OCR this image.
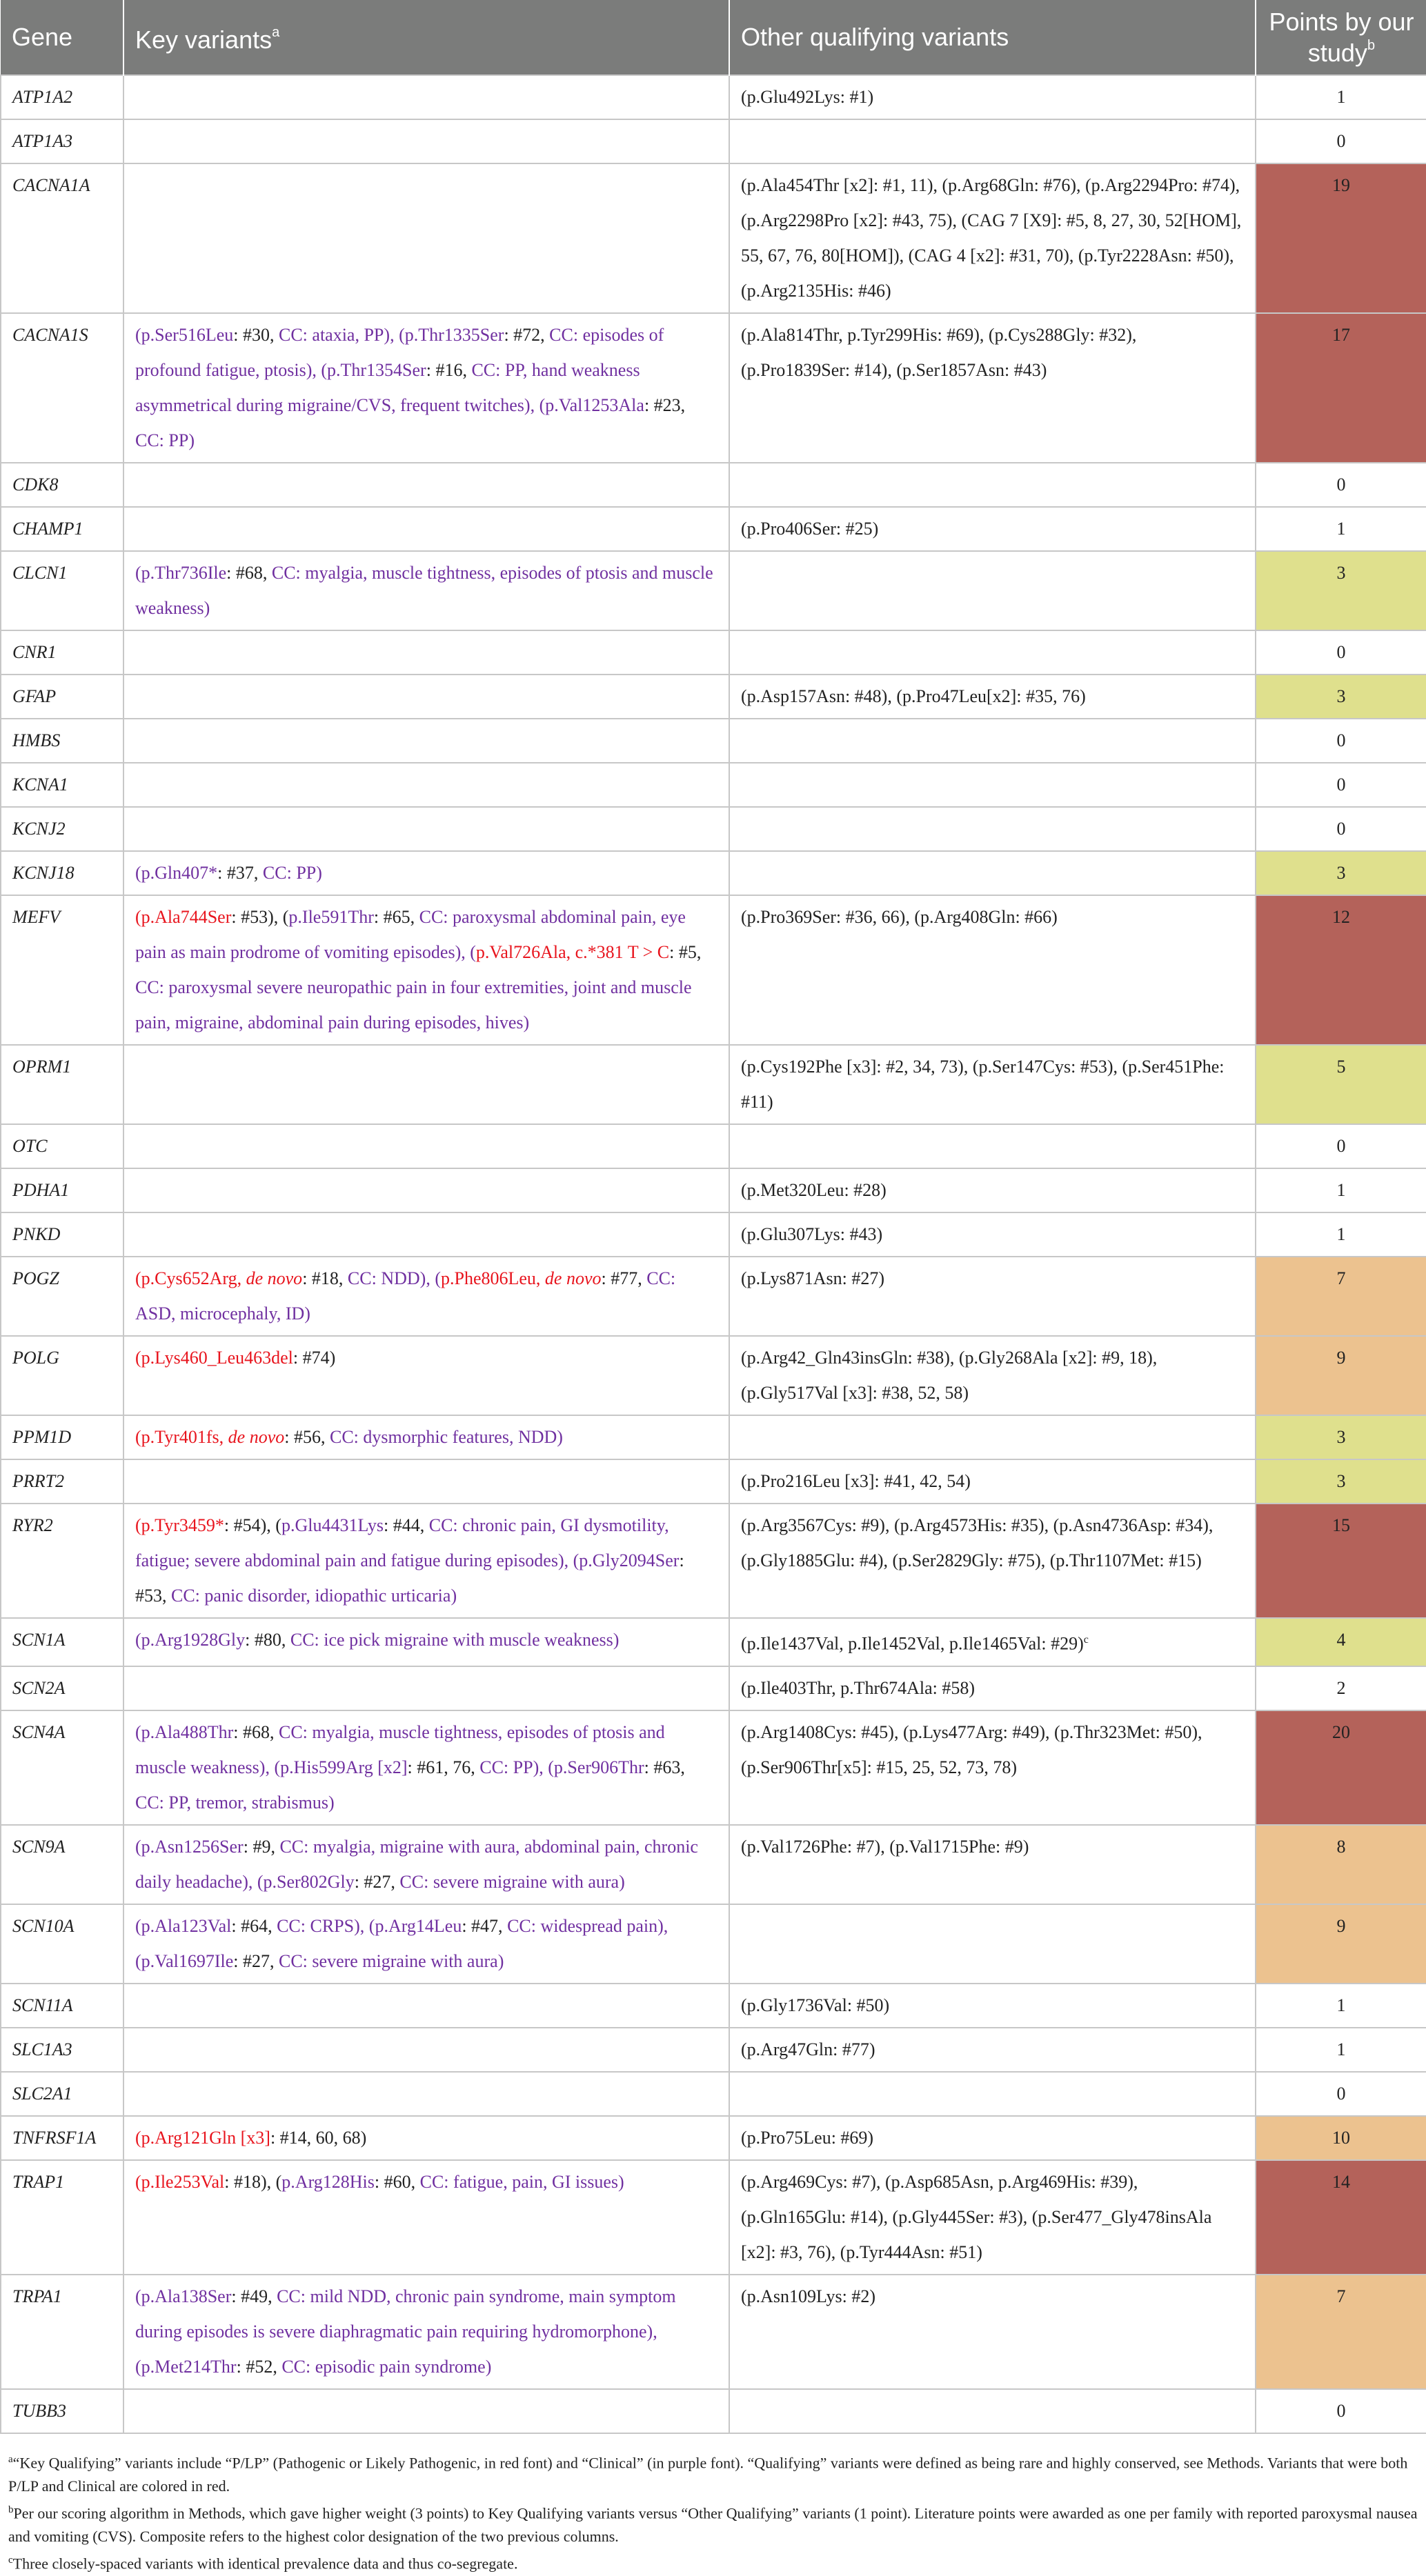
Gene	Key variants$^a$	Other qualifying variants	Points by our study$^b$
ATP1A2		(p.Glu492Lys: #1)	1
ATP1A3			0
CACNA1A		(p.Ala454Thr [x2]: #1, 11), (p.Arg68Gln: #76), (p.Arg2294Pro: #74), (p.Arg2298Pro [x2]: #43, 75), (CAG 7 [X9]: #5, 8, 27, 30, 52[HOM], 55, 67, 76, 80[HOM]), (CAG 4 [x2]: #31, 70), (p.Tyr2228Asn: #50), (p.Arg2135His: #46)	19
CACNA1S	(p.Ser516Leu: #30, CC: ataxia, PP), (p.Thr1335Ser: #72, CC: episodes of profound fatigue, ptosis), (p.Thr1354Ser: #16, CC: PP, hand weakness asymmetrical during migraine/CVS, frequent twitches), (p.Val1253Ala: #23, CC: PP)	(p.Ala814Thr, p.Tyr299His: #69), (p.Cys288Gly: #32), (p.Pro1839Ser: #14), (p.Ser1857Asn: #43)	17
CDK8			0
CHAMP1		(p.Pro406Ser: #25)	1
CLCN1	(p.Thr736Ile: #68, CC: myalgia, muscle tightness, episodes of ptosis and muscle weakness)		3
CNR1			0
GFAP		(p.Asp157Asn: #48), (p.Pro47Leu[x2]: #35, 76)	3
HMBS			0
KCNA1			0
KCNJ2			0
KCNJ18	(p.Gln407*: #37, CC: PP)		3
MEFV	(p.Ala744Ser: #53), (p.Ile591Thr: #65, CC: paroxysmal abdominal pain, eye pain as main prodrome of vomiting episodes), (p.Val726Ala, c.*381 T > C: #5, CC: paroxysmal severe neuropathic pain in four extremities, joint and muscle pain, migraine, abdominal pain during episodes, hives)	(p.Pro369Ser: #36, 66), (p.Arg408Gln: #66)	12
OPRM1		(p.Cys192Phe [x3]: #2, 34, 73), (p.Ser147Cys: #53), (p.Ser451Phe: #11)	5
OTC			0
PDHA1		(p.Met320Leu: #28)	1
PNKD		(p.Glu307Lys: #43)	1
POGZ	(p.Cys652Arg, de novo: #18, CC: NDD), (p.Phe806Leu, de novo: #77, CC: ASD, microcephaly, ID)	(p.Lys871Asn: #27)	7
POLG	(p.Lys460_Leu463del: #74)	(p.Arg42_Gln43insGln: #38), (p.Gly268Ala [x2]: #9, 18), (p.Gly517Val [x3]: #38, 52, 58)	9
PPM1D	(p.Tyr401fs, de novo: #56, CC: dysmorphic features, NDD)		3
PRRT2		(p.Pro216Leu [x3]: #41, 42, 54)	3
RYR2	(p.Tyr3459*: #54), (p.Glu4431Lys: #44, CC: chronic pain, GI dysmotility, fatigue; severe abdominal pain and fatigue during episodes), (p.Gly2094Ser: #53, CC: panic disorder, idiopathic urticaria)	(p.Arg3567Cys: #9), (p.Arg4573His: #35), (p.Asn4736Asp: #34), (p.Gly1885Glu: #4), (p.Ser2829Gly: #75), (p.Thr1107Met: #15)	15
SCN1A	(p.Arg1928Gly: #80, CC: ice pick migraine with muscle weakness)	(p.Ile1437Val, p.Ile1452Val, p.Ile1465Val: #29)$^c$	4
SCN2A		(p.Ile403Thr, p.Thr674Ala: #58)	2
SCN4A	(p.Ala488Thr: #68, CC: myalgia, muscle tightness, episodes of ptosis and muscle weakness), (p.His599Arg [x2]: #61, 76, CC: PP), (p.Ser906Thr: #63, CC: PP, tremor, strabismus)	(p.Arg1408Cys: #45), (p.Lys477Arg: #49), (p.Thr323Met: #50), (p.Ser906Thr[x5]: #15, 25, 52, 73, 78)	20
SCN9A	(p.Asn1256Ser: #9, CC: myalgia, migraine with aura, abdominal pain, chronic daily headache), (p.Ser802Gly: #27, CC: severe migraine with aura)	(p.Val1726Phe: #7), (p.Val1715Phe: #9)	8
SCN10A	(p.Ala123Val: #64, CC: CRPS), (p.Arg14Leu: #47, CC: widespread pain), (p.Val1697Ile: #27, CC: severe migraine with aura)		9
SCN11A		(p.Gly1736Val: #50)	1
SLC1A3		(p.Arg47Gln: #77)	1
SLC2A1			0
TNFRSF1A	(p.Arg121Gln [x3]: #14, 60, 68)	(p.Pro75Leu: #69)	10
TRAP1	(p.Ile253Val: #18), (p.Arg128His: #60, CC: fatigue, pain, GI issues)	(p.Arg469Cys: #7), (p.Asp685Asn, p.Arg469His: #39), (p.Gln165Glu: #14), (p.Gly445Ser: #3), (p.Ser477_Gly478insAla [x2]: #3, 76), (p.Tyr444Asn: #51)	14
TRPA1	(p.Ala138Ser: #49, CC: mild NDD, chronic pain syndrome, main symptom during episodes is severe diaphragmatic pain requiring hydromorphone), (p.Met214Thr: #52, CC: episodic pain syndrome)	(p.Asn109Lys: #2)	7
TUBB3			0

$^a$“Key Qualifying” variants include “P/LP” (Pathogenic or Likely Pathogenic, in red font) and “Clinical” (in purple font). “Qualifying” variants were defined as being rare and highly conserved, see Methods. Variants that were both P/LP and Clinical are colored in red.

$^b$Per our scoring algorithm in Methods, which gave higher weight (3 points) to Key Qualifying variants versus “Other Qualifying” variants (1 point). Literature points were awarded as one per family with reported paroxysmal nausea and vomiting (CVS). Composite refers to the highest color designation of the two previous columns.

$^c$Three closely-spaced variants with identical prevalence data and thus co-segregate.
